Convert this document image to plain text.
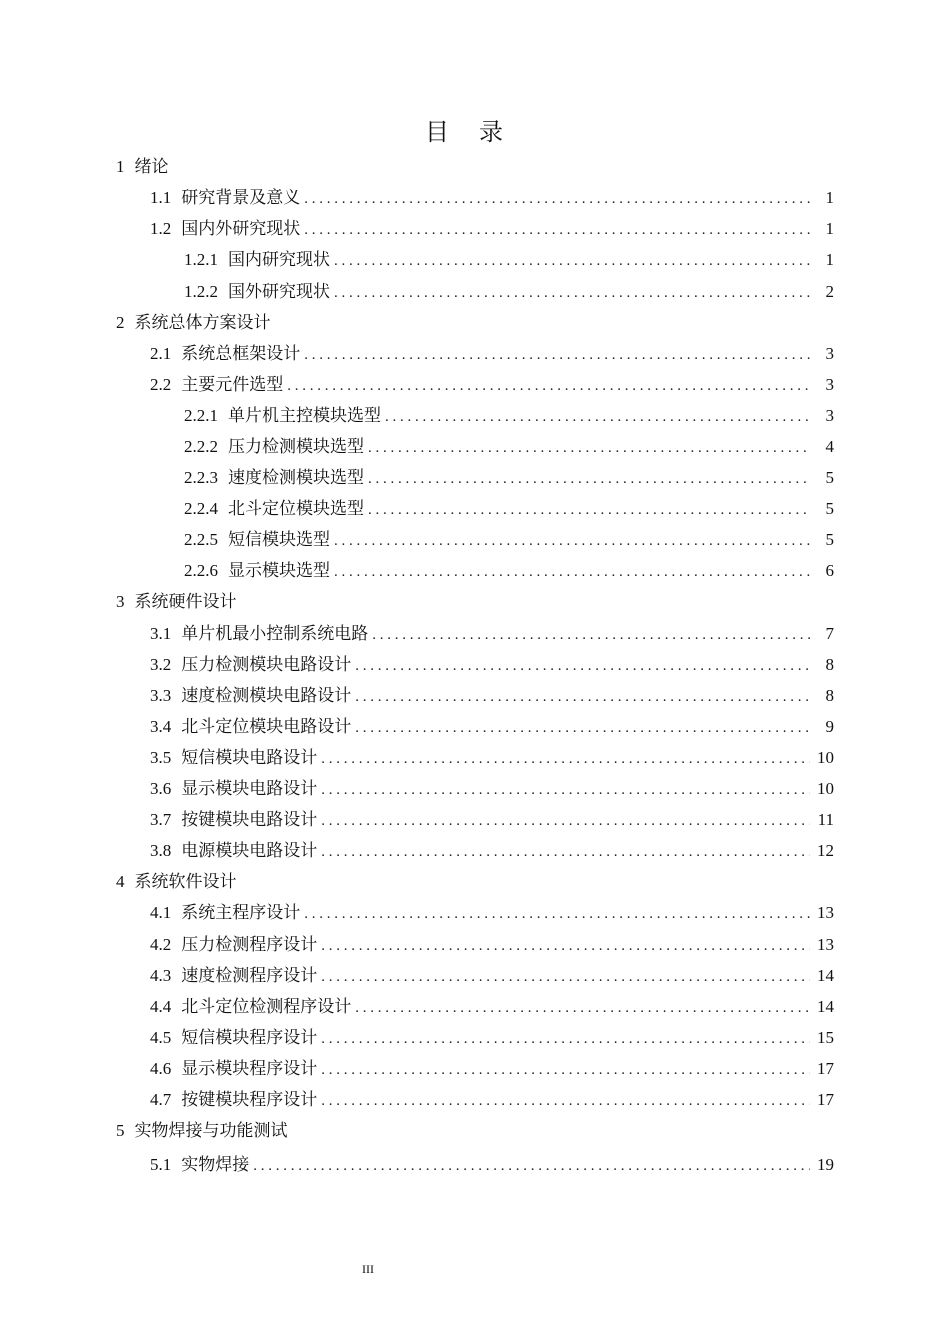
目 录
1 绪论
1.1 研究背景及意义 . . .	1
1.2 国内外研究现状 . . .	1
1.2.1 国内研究现状 . . .	1
1.2.2 国外研究现状 . . .	2
2 系统总体方案设计
2.1 系统总框架设计 . . .	3
2.2 主要元件选型 . . .	3
2.2.1 单片机主控模块选型 . . .	3
2.2.2 压力检测模块选型 . . .	4
2.2.3 速度检测模块选型 . . .	5
2.2.4 北斗定位模块选型 . . .	5
2.2.5 短信模块选型 . . .	5
2.2.6 显示模块选型 . . .	6
3 系统硬件设计
3.1 单片机最小控制系统电路 . . .	7
3.2 压力检测模块电路设计 . . .	8
3.3 速度检测模块电路设计 . . .	8
3.4 北斗定位模块电路设计 . . .	9
3.5 短信模块电路设计 . . .	10
3.6 显示模块电路设计 . . .	10
3.7 按键模块电路设计 . . .	11
3.8 电源模块电路设计 . . .	12
4 系统软件设计
4.1 系统主程序设计 . . .	13
4.2 压力检测程序设计 . . .	13
4.3 速度检测程序设计 . . .	14
4.4 北斗定位检测程序设计 . . .	14
4.5 短信模块程序设计 . . .	15
4.6 显示模块程序设计 . . .	17
4.7 按键模块程序设计 . . .	17
5 实物焊接与功能测试
5.1 实物焊接 . . .	19
III
